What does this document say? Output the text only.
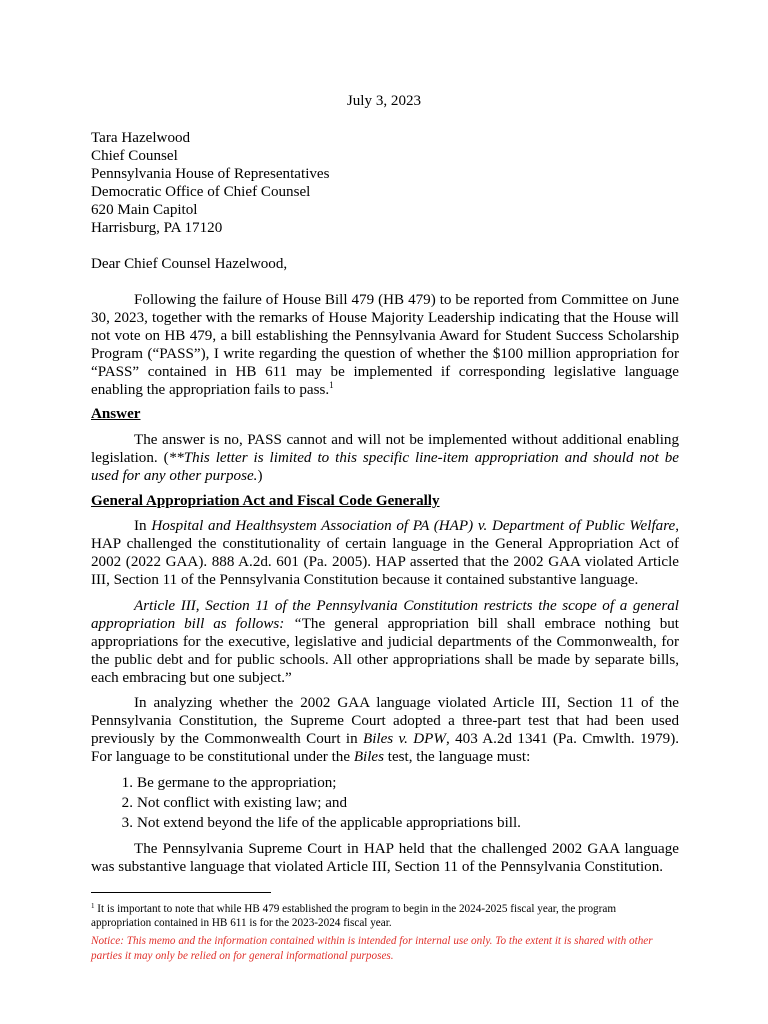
July 3, 2023
Tara Hazelwood
Chief Counsel
Pennsylvania House of Representatives
Democratic Office of Chief Counsel
620 Main Capitol
Harrisburg, PA 17120
Dear Chief Counsel Hazelwood,

Following the failure of House Bill 479 (HB 479) to be reported from Committee on June 30, 2023, together with the remarks of House Majority Leadership indicating that the House will not vote on HB 479, a bill establishing the Pennsylvania Award for Student Success Scholarship Program (“PASS”), I write regarding the question of whether the $100 million appropriation for “PASS” contained in HB 611 may be implemented if corresponding legislative language enabling the appropriation fails to pass.$^1$

Answer

The answer is no, PASS cannot and will not be implemented without additional enabling legislation. (**This letter is limited to this specific line-item appropriation and should not be used for any other purpose.)

General Appropriation Act and Fiscal Code Generally

In Hospital and Healthsystem Association of PA (HAP) v. Department of Public Welfare, HAP challenged the constitutionality of certain language in the General Appropriation Act of 2002 (2022 GAA). 888 A.2d. 601 (Pa. 2005). HAP asserted that the 2002 GAA violated Article III, Section 11 of the Pennsylvania Constitution because it contained substantive language.

Article III, Section 11 of the Pennsylvania Constitution restricts the scope of a general appropriation bill as follows: “The general appropriation bill shall embrace nothing but appropriations for the executive, legislative and judicial departments of the Commonwealth, for the public debt and for public schools. All other appropriations shall be made by separate bills, each embracing but one subject.”

In analyzing whether the 2002 GAA language violated Article III, Section 11 of the Pennsylvania Constitution, the Supreme Court adopted a three-part test that had been used previously by the Commonwealth Court in Biles v. DPW, 403 A.2d 1341 (Pa. Cmwlth. 1979). For language to be constitutional under the Biles test, the language must:

1. Be germane to the appropriation;
2. Not conflict with existing law; and
3. Not extend beyond the life of the applicable appropriations bill.

The Pennsylvania Supreme Court in HAP held that the challenged 2002 GAA language was substantive language that violated Article III, Section 11 of the Pennsylvania Constitution.

$^1$ It is important to note that while HB 479 established the program to begin in the 2024-2025 fiscal year, the program appropriation contained in HB 611 is for the 2023-2024 fiscal year.
Notice: This memo and the information contained within is intended for internal use only. To the extent it is shared with other parties it may only be relied on for general informational purposes.
